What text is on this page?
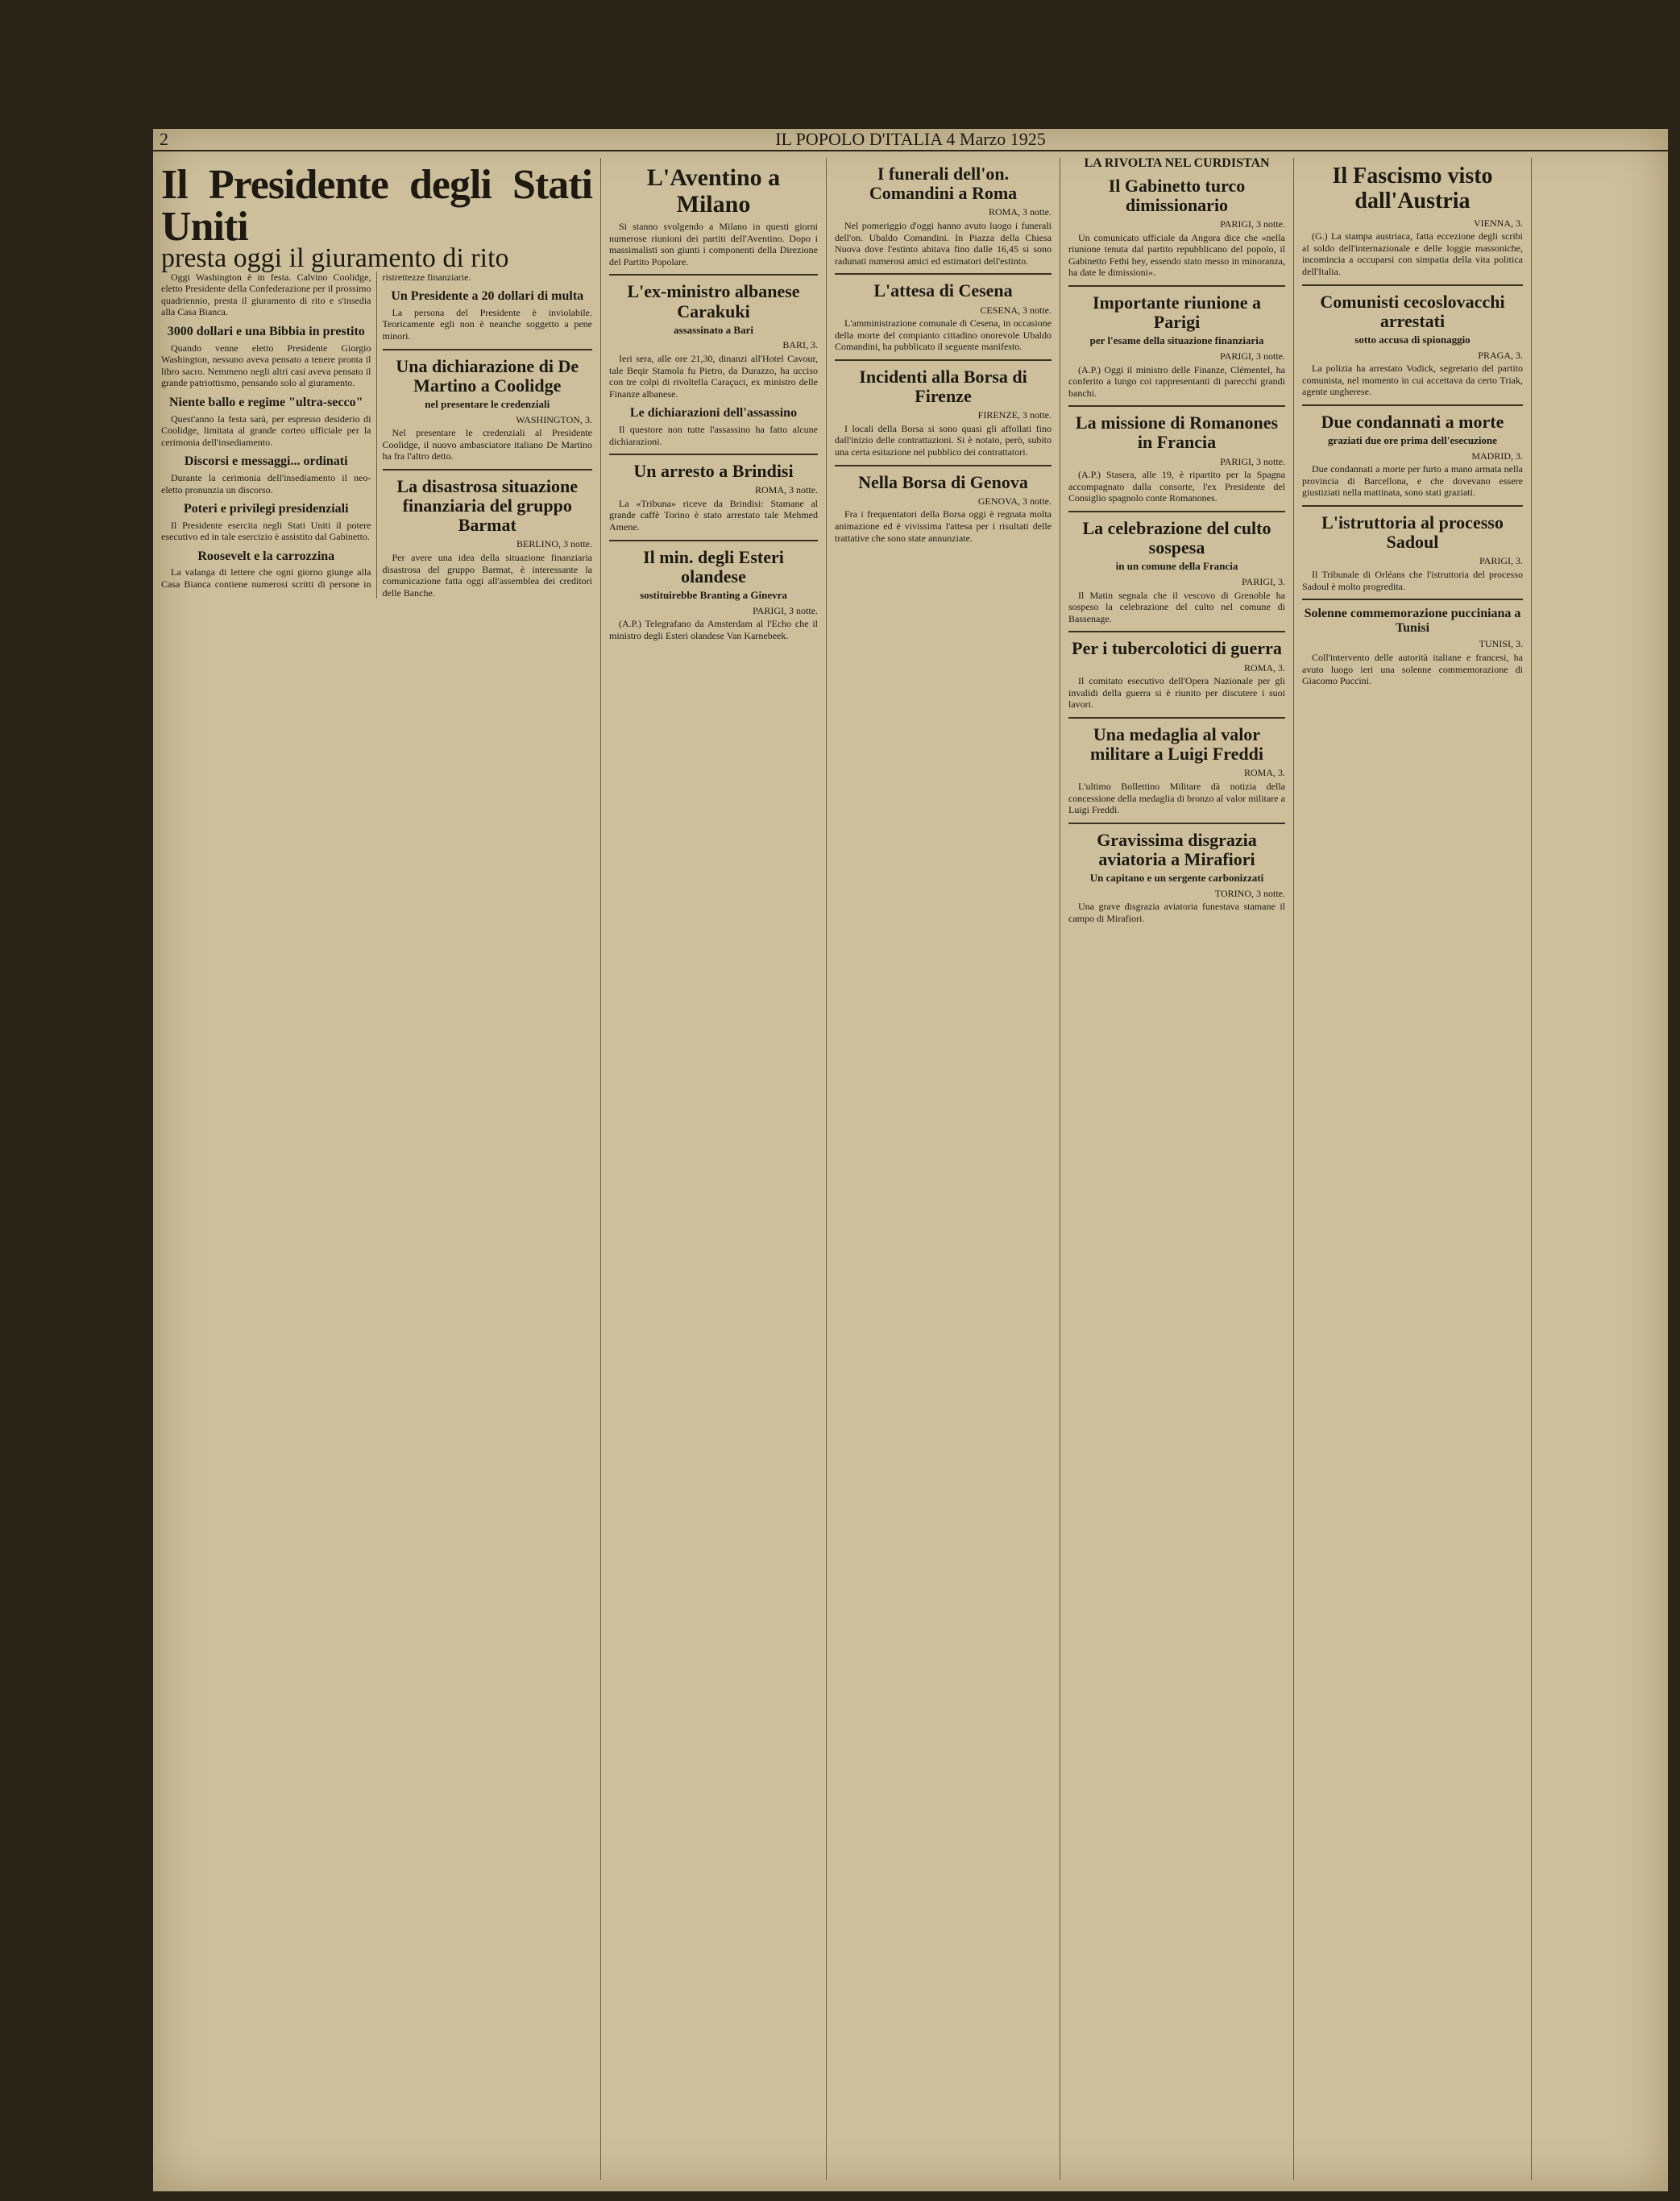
2	IL POPOLO D'ITALIA 4 Marzo 1925
Il Presidente degli Stati Uniti
presta oggi il giuramento di rito

Oggi Washington è in festa. Calvino Coolidge, eletto Presidente della Confederazione per il prossimo quadriennio, presta il giuramento di rito e s'insedia alla Casa Bianca.

3000 dollari e una Bibbia in prestito

Quando venne eletto Presidente Giorgio Washington, nessuno aveva pensato a tenere pronta il libro sacro. Nemmeno negli altri casi aveva pensato il grande patriottismo, pensando solo al giuramento.

Niente ballo e regime "ultra-secco"

Quest'anno la festa sarà, per espresso desiderio di Coolidge, limitata al grande corteo ufficiale per la cerimonia dell'insediamento.

Discorsi e messaggi... ordinati

Durante la cerimonia dell'insediamento il neo-eletto pronunzia un discorso.

Poteri e privilegi presidenziali

Il Presidente esercita negli Stati Uniti il potere esecutivo ed in tale esercizio è assistito dal Gabinetto.

Roosevelt e la carrozzina

La valanga di lettere che ogni giorno giunge alla Casa Bianca contiene numerosi scritti di persone in ristrettezze finanziarie.

Un Presidente a 20 dollari di multa

La persona del Presidente è inviolabile. Teoricamente egli non è neanche soggetto a pene minori.

Una dichiarazione di De Martino a Coolidge
nel presentare le credenziali
WASHINGTON, 3.

Nel presentare le credenziali al Presidente Coolidge, il nuovo ambasciatore italiano De Martino ha fra l'altro detto.

La disastrosa situazione finanziaria del gruppo Barmat
BERLINO, 3 notte.

Per avere una idea della situazione finanziaria disastrosa del gruppo Barmat, è interessante la comunicazione fatta oggi all'assemblea dei creditori delle Banche.

L'Aventino a Milano

Si stanno svolgendo a Milano in questi giorni numerose riunioni dei partiti dell'Aventino. Dopo i massimalisti son giunti i componenti della Direzione del Partito Popolare.

L'ex-ministro albanese Carakuki
assassinato a Bari
BARI, 3.

Ieri sera, alle ore 21,30, dinanzi all'Hotel Cavour, tale Beqir Stamola fu Pietro, da Durazzo, ha ucciso con tre colpi di rivoltella Caraçuci, ex ministro delle Finanze albanese.

Le dichiarazioni dell'assassino

Il questore non tutte l'assassino ha fatto alcune dichiarazioni.

Un arresto a Brindisi
ROMA, 3 notte.

La «Tribuna» riceve da Brindisi: Stamane al grande caffè Torino è stato arrestato tale Mehmed Amene.

Il min. degli Esteri olandese
sostituirebbe Branting a Ginevra
PARIGI, 3 notte.

(A.P.) Telegrafano da Amsterdam al l'Echo che il ministro degli Esteri olandese Van Karnebeek.

I funerali dell'on. Comandini a Roma
ROMA, 3 notte.

Nel pomeriggio d'oggi hanno avuto luogo i funerali dell'on. Ubaldo Comandini. In Piazza della Chiesa Nuova dove l'estinto abitava fino dalle 16,45 si sono radunati numerosi amici ed estimatori dell'estinto.

L'attesa di Cesena
CESENA, 3 notte.

L'amministrazione comunale di Cesena, in occasione della morte del compianto cittadino onorevole Ubaldo Comandini, ha pubblicato il seguente manifesto.

Incidenti alla Borsa di Firenze
FIRENZE, 3 notte.

I locali della Borsa si sono quasi gli affollati fino dall'inizio delle contrattazioni. Si è notato, però, subito una certa esitazione nel pubblico dei contrattatori.

Nella Borsa di Genova
GENOVA, 3 notte.

Fra i frequentatori della Borsa oggi è regnata molta animazione ed è vivissima l'attesa per i risultati delle trattative che sono state annunziate.

LA RIVOLTA NEL CURDISTAN
Il Gabinetto turco dimissionario
PARIGI, 3 notte.

Un comunicato ufficiale da Angora dice che «nella riunione tenuta dal partito repubblicano del popolo, il Gabinetto Fethi bey, essendo stato messo in minoranza, ha date le dimissioni».

Importante riunione a Parigi
per l'esame della situazione finanziaria
PARIGI, 3 notte.

(A.P.) Oggi il ministro delle Finanze, Clémentel, ha conferito a lungo coi rappresentanti di parecchi grandi banchi.

La missione di Romanones in Francia
PARIGI, 3 notte.

(A.P.) Stasera, alle 19, è ripartito per la Spagna accompagnato dalla consorte, l'ex Presidente del Consiglio spagnolo conte Romanones.

La celebrazione del culto sospesa
in un comune della Francia
PARIGI, 3.

Il Matin segnala che il vescovo di Grenoble ha sospeso la celebrazione del culto nel comune di Bassenage.

Per i tubercolotici di guerra
ROMA, 3.

Il comitato esecutivo dell'Opera Nazionale per gli invalidi della guerra si è riunito per discutere i suoi lavori.

Una medaglia al valor militare a Luigi Freddi
ROMA, 3.

L'ultimo Bollettino Militare dà notizia della concessione della medaglia di bronzo al valor militare a Luigi Freddi.

Gravissima disgrazia aviatoria a Mirafiori
Un capitano e un sergente carbonizzati
TORINO, 3 notte.

Una grave disgrazia aviatoria funestava stamane il campo di Mirafiori.

Il Fascismo visto dall'Austria
VIENNA, 3.

(G.) La stampa austriaca, fatta eccezione degli scribi al soldo dell'internazionale e delle loggie massoniche, incomincia a occuparsi con simpatia della vita politica dell'Italia.

Comunisti cecoslovacchi arrestati
sotto accusa di spionaggio
PRAGA, 3.

La polizia ha arrestato Vodick, segretario del partito comunista, nel momento in cui accettava da certo Triak, agente ungherese.

Due condannati a morte
graziati due ore prima dell'esecuzione
MADRID, 3.

Due condannati a morte per furto a mano armata nella provincia di Barcellona, e che dovevano essere giustiziati nella mattinata, sono stati graziati.

L'istruttoria al processo Sadoul
PARIGI, 3.

Il Tribunale di Orléans che l'istruttoria del processo Sadoul è molto progredita.

Solenne commemorazione pucciniana a Tunisi
TUNISI, 3.

Coll'intervento delle autorità italiane e francesi, ha avuto luogo ieri una solenne commemorazione di Giacomo Puccini.
